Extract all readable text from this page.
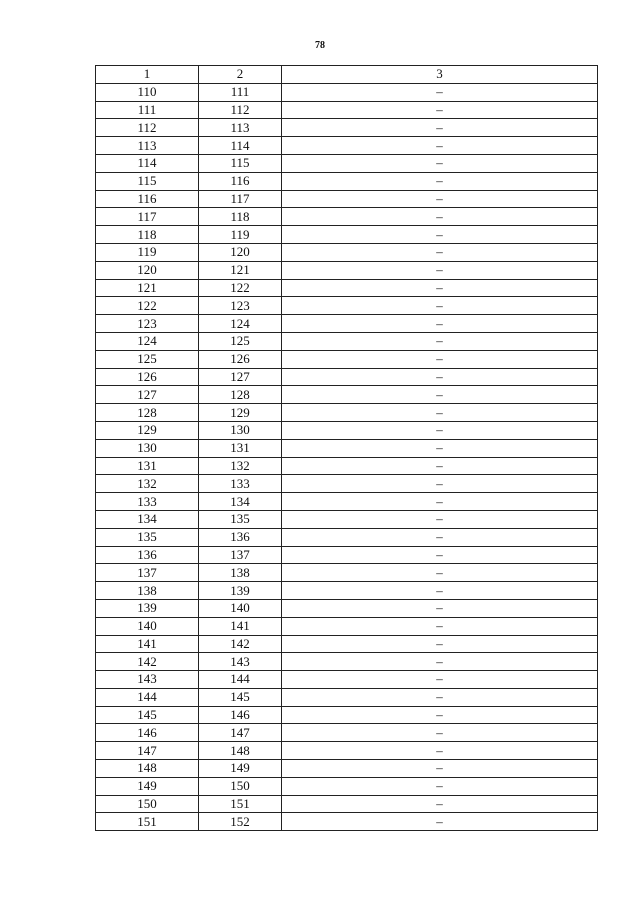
78
1	2	3
110	111	–
111	112	–
112	113	–
113	114	–
114	115	–
115	116	–
116	117	–
117	118	–
118	119	–
119	120	–
120	121	–
121	122	–
122	123	–
123	124	–
124	125	–
125	126	–
126	127	–
127	128	–
128	129	–
129	130	–
130	131	–
131	132	–
132	133	–
133	134	–
134	135	–
135	136	–
136	137	–
137	138	–
138	139	–
139	140	–
140	141	–
141	142	–
142	143	–
143	144	–
144	145	–
145	146	–
146	147	–
147	148	–
148	149	–
149	150	–
150	151	–
151	152	–
